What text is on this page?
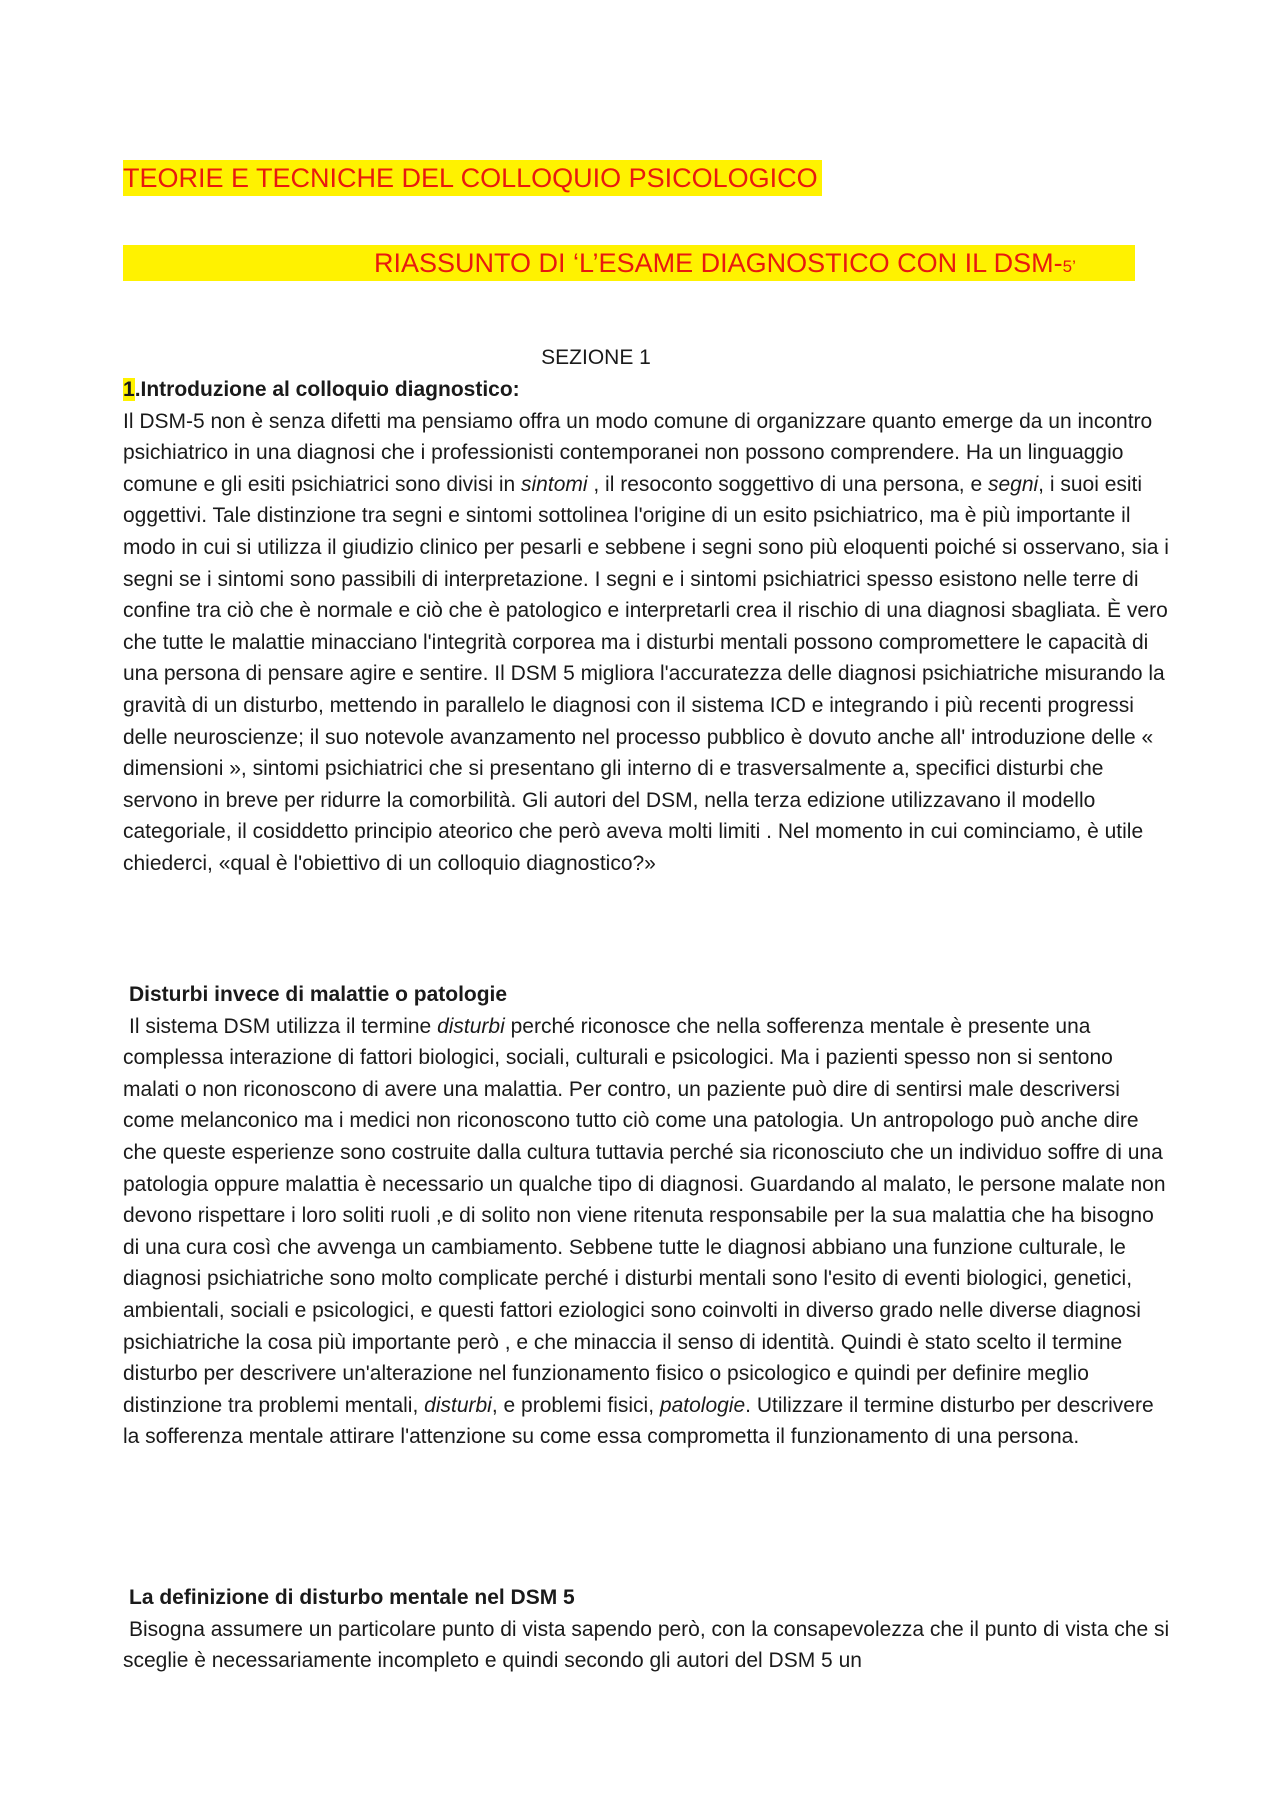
TEORIE E TECNICHE DEL COLLOQUIO PSICOLOGICO
RIASSUNTO DI ‘L’ESAME DIAGNOSTICO CON IL DSM-5’
SEZIONE 1

1.Introduzione al colloquio diagnostico:

Il DSM-5 non è senza difetti ma pensiamo offra un modo comune di organizzare quanto emerge da un incontro psichiatrico in una diagnosi che i professionisti contemporanei non possono comprendere. Ha un linguaggio comune e gli esiti psichiatrici sono divisi in sintomi , il resoconto soggettivo di una persona, e segni, i suoi esiti oggettivi. Tale distinzione tra segni e sintomi sottolinea l'origine di un esito psichiatrico, ma è più importante il modo in cui si utilizza il giudizio clinico per pesarli e sebbene i segni sono più eloquenti poiché si osservano, sia i segni se i sintomi sono passibili di interpretazione. I segni e i sintomi psichiatrici spesso esistono nelle terre di confine tra ciò che è normale e ciò che è patologico e interpretarli crea il rischio di una diagnosi sbagliata. È vero che tutte le malattie minacciano l'integrità corporea ma i disturbi mentali possono compromettere le capacità di una persona di pensare agire e sentire. Il DSM 5 migliora l'accuratezza delle diagnosi psichiatriche misurando la gravità di un disturbo, mettendo in parallelo le diagnosi con il sistema ICD e integrando i più recenti progressi delle neuroscienze; il suo notevole avanzamento nel processo pubblico è dovuto anche all' introduzione delle « dimensioni », sintomi psichiatrici che si presentano gli interno di e trasversalmente a, specifici disturbi che servono in breve per ridurre la comorbilità. Gli autori del DSM, nella terza edizione utilizzavano il modello categoriale, il cosiddetto principio ateorico che però aveva molti limiti . Nel momento in cui cominciamo, è utile chiederci, «qual è l'obiettivo di un colloquio diagnostico?»

Disturbi invece di malattie o patologie

Il sistema DSM utilizza il termine disturbi perché riconosce che nella sofferenza mentale è presente una complessa interazione di fattori biologici, sociali, culturali e psicologici. Ma i pazienti spesso non si sentono malati o non riconoscono di avere una malattia. Per contro, un paziente può dire di sentirsi male descriversi come melanconico ma i medici non riconoscono tutto ciò come una patologia. Un antropologo può anche dire che queste esperienze sono costruite dalla cultura tuttavia perché sia riconosciuto che un individuo soffre di una patologia oppure malattia è necessario un qualche tipo di diagnosi. Guardando al malato, le persone malate non devono rispettare i loro soliti ruoli ,e di solito non viene ritenuta responsabile per la sua malattia che ha bisogno di una cura così che avvenga un cambiamento. Sebbene tutte le diagnosi abbiano una funzione culturale, le diagnosi psichiatriche sono molto complicate perché i disturbi mentali sono l'esito di eventi biologici, genetici, ambientali, sociali e psicologici, e questi fattori eziologici sono coinvolti in diverso grado nelle diverse diagnosi psichiatriche la cosa più importante però , e che minaccia il senso di identità. Quindi è stato scelto il termine disturbo per descrivere un'alterazione nel funzionamento fisico o psicologico e quindi per definire meglio distinzione tra problemi mentali, disturbi, e problemi fisici, patologie. Utilizzare il termine disturbo per descrivere la sofferenza mentale attirare l'attenzione su come essa comprometta il funzionamento di una persona.

La definizione di disturbo mentale nel DSM 5

Bisogna assumere un particolare punto di vista sapendo però, con la consapevolezza che il punto di vista che si sceglie è necessariamente incompleto e quindi secondo gli autori del DSM 5 un
